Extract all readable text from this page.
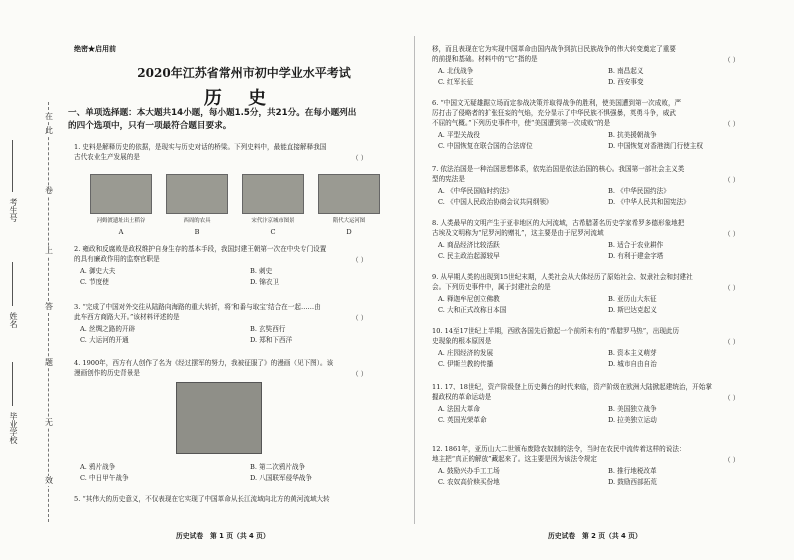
在
此
卷
上
答
题
无
效
考生号
姓名
毕业学校
绝密★启用前
2020年江苏省常州市初中学业水平考试
历 史
一、单项选择题：本大题共14小题，每小题1.5分，共21分。在每小题列出
的四个选项中，只有一项最符合题目要求。
1. 史料是解释历史的依据，是现实与历史对话的桥梁。下列史料中，最能直接解释我国
古代农业生产发展的是	（ ）
河姆渡遗址出土稻谷
A
西周的农具
B
宋代汴京城市图景
C
隋代大运河图
D
2. 雍政和反腐败是政权维护自身生存的基本手段，我国封建王朝第一次在中央专门设置
的具有廉政作用的监察官职是	（ ）
A. 御史大夫	B. 刺史
C. 节度使	D. 锦衣卫
3. “完成了中国对外交往从陆路向海路的重大转折，将‘和番与取宝’结合在一起……由
此车西方商路大开。”该材料评述的是	（ ）
A. 丝绸之路的开辟	B. 玄奘西行
C. 大运河的开通	D. 郑和下西洋
4. 1900年，西方有人创作了名为《经过摆军的努力，我被征服了》的漫画（见下图）。该
漫画创作的历史背景是	（ ）
A. 鸦片战争	B. 第二次鸦片战争
C. 中日甲午战争	D. 八国联军侵华战争
5. “其伟大的历史意义，不仅表现在它实现了中国革命从长江流域向北方的黄河流域大转
历史试卷　第 1 页（共 4 页）
移，而且表现在它为实现中国革命由国内战争到抗日民族战争的伟大转变奠定了重要
的前提和基础。材料中的“它”指的是	（ ）
A. 北伐战争	B. 南昌起义
C. 红军长征	D. 西安事变
6. “中国文无疑雄踞立场而定参战决策并取得战争的胜利，使美国遭到第一次成败，严
厉打击了侵略者的扩张狂妄的气焰，充分显示了中华民族不惧强暴，英勇斗争，威武
不屈的气概。”下列历史事件中，使“美国遭到第一次成败”的是	（ ）
A. 平型关战役	B. 抗美援朝战争
C. 中国恢复在联合国的合法席位	D. 中国恢复对香港澳门行使主权
7. 依法治国是一种治国思想体系，依宪治国是依法治国的核心。我国第一部社会主义类
型的宪法是	（ ）
A. 《中华民国临时约法》	B. 《中华民国约法》
C. 《中国人民政治协商会议共同纲领》	D. 《中华人民共和国宪法》
8. 人类最早的文明产生于亚非地区的大河流域，古希腊著名历史学家希罗多德形象地把
古埃及文明称为“尼罗河的赠礼”，这主要是由于尼罗河流域	（ ）
A. 商品经济比较活跃	B. 适合于农业耕作
C. 民主政治起源较早	D. 有利于建金字塔
9. 从早期人类的出现到15世纪末期，人类社会从大体经历了原始社会、奴隶社会和封建社
会。下列历史事件中，属于封建社会的是	（ ）
A. 释迦牟尼创立佛教	B. 亚历山大东征
C. 大和正式改称日本国	D. 斯巴达克起义
10. 14至17世纪上半期，西欧各国先后掀起一个前所未有的“希腊罗马热”，出现此历
史现象的根本原因是	（ ）
A. 庄园经济的发展	B. 资本主义萌芽
C. 伊斯兰教的传播	D. 城市自由自治
11. 17、18世纪，资产阶级登上历史舞台的时代来临，资产阶级在欧洲大陆掀起建统治，开始掌
握政权的革命运动是	（ ）
A. 法国大革命	B. 美国独立战争
C. 英国光荣革命	D. 拉美独立运动
12. 1861年，亚历山大二世颁布废除农奴制的法令，当时在农民中流传着这样的说法：
地主把“真正的解放”藏起来了。这主要是因为该法令规定	（ ）
A. 鼓励兴办手工工场	B. 推行地税改革
C. 农奴高价赎买份地	D. 鼓励西部拓荒
历史试卷　第 2 页（共 4 页）
